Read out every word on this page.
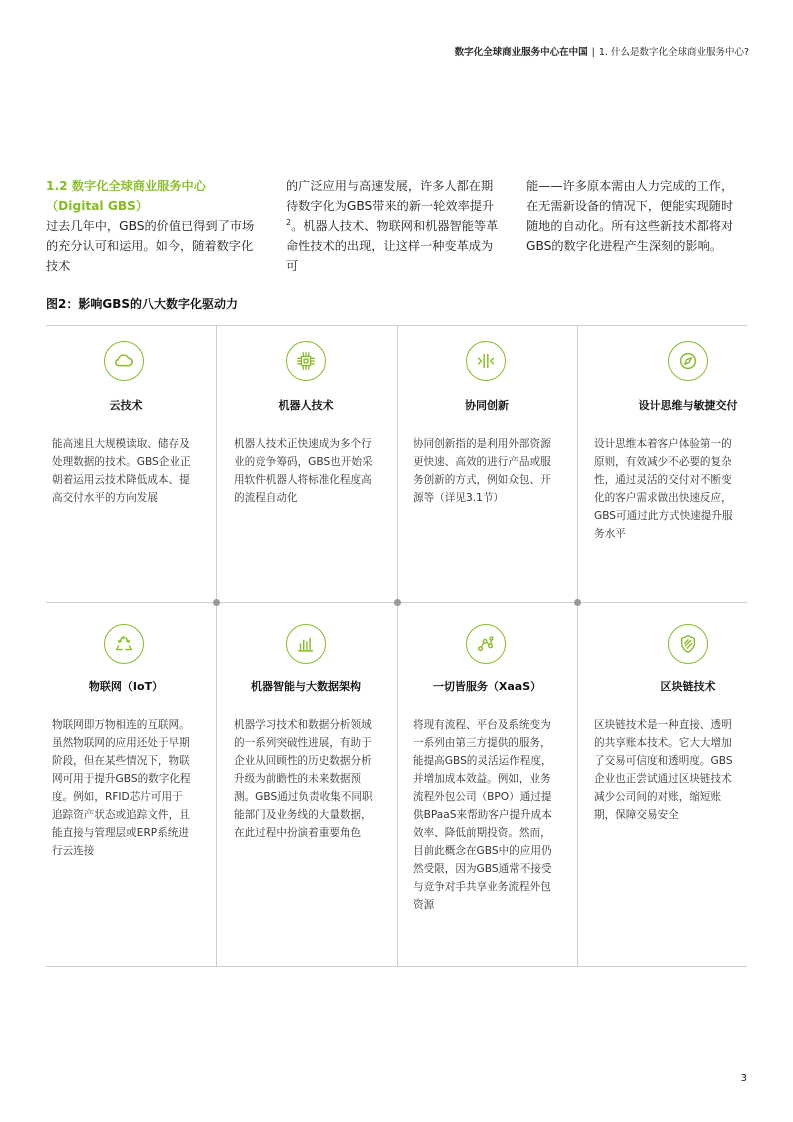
数字化全球商业服务中心在中国 | 1. 什么是数字化全球商业服务中心?
1.2 数字化全球商业服务中心
（Digital GBS）
过去几年中，GBS的价值已得到了市场的充分认可和运用。如今，随着数字化技术
的广泛应用与高速发展，许多人都在期待数字化为GBS带来的新一轮效率提升$^2$。机器人技术、物联网和机器智能等革命性技术的出现，让这样一种变革成为可
能——许多原本需由人力完成的工作，在无需新设备的情况下，便能实现随时随地的自动化。所有这些新技术都将对GBS的数字化进程产生深刻的影响。
图2：影响GBS的八大数字化驱动力
云技术
能高速且大规模读取、储存及处理数据的技术。GBS企业正朝着运用云技术降低成本、提高交付水平的方向发展
机器人技术
机器人技术正快速成为多个行业的竞争筹码，GBS也开始采用软件机器人将标准化程度高的流程自动化
协同创新
协同创新指的是利用外部资源更快速、高效的进行产品或服务创新的方式，例如众包、开源等（详见3.1节）
设计思维与敏捷交付
设计思维本着客户体验第一的原则，有效减少不必要的复杂性，通过灵活的交付对不断变化的客户需求做出快速反应，GBS可通过此方式快速提升服务水平
物联网（IoT）
物联网即万物相连的互联网。虽然物联网的应用还处于早期阶段，但在某些情况下，物联网可用于提升GBS的数字化程度。例如，RFID芯片可用于追踪资产状态或追踪文件，且能直接与管理层或ERP系统进行云连接
机器智能与大数据架构
机器学习技术和数据分析领域的一系列突破性进展，有助于企业从回顾性的历史数据分析升级为前瞻性的未来数据预测。GBS通过负责收集不同职能部门及业务线的大量数据，在此过程中扮演着重要角色
一切皆服务（XaaS）
将现有流程、平台及系统变为一系列由第三方提供的服务，能提高GBS的灵活运作程度，并增加成本效益。例如，业务流程外包公司（BPO）通过提供BPaaS来帮助客户提升成本效率、降低前期投资。然而，目前此概念在GBS中的应用仍然受限，因为GBS通常不接受与竞争对手共享业务流程外包资源
区块链技术
区块链技术是一种直接、透明的共享账本技术。它大大增加了交易可信度和透明度。GBS企业也正尝试通过区块链技术减少公司间的对账，缩短账期，保障交易安全
3
